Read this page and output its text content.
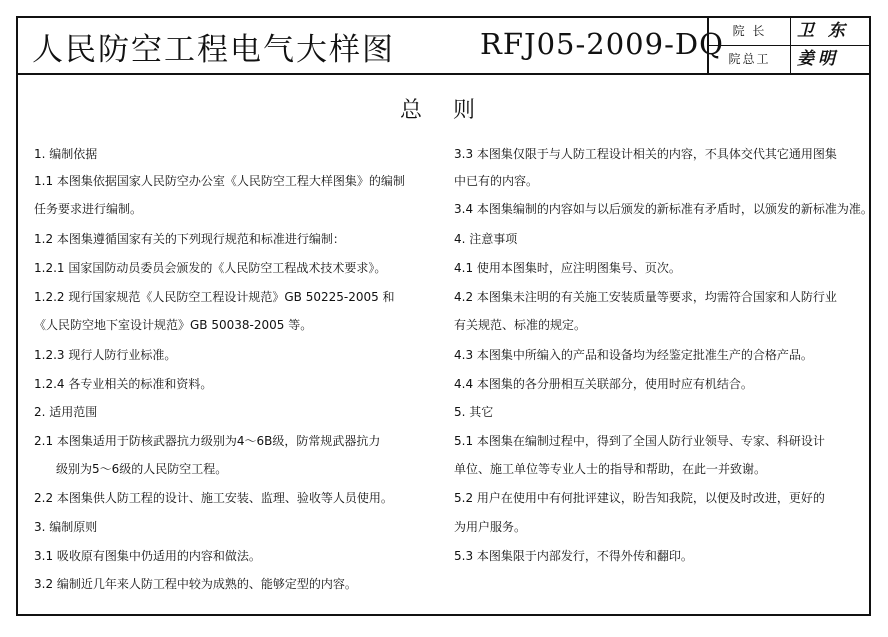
人民防空工程电气大样图	RFJ05-2009-DQ 院 长	卫 东
院总工	姜明
总 则
1. 编制依据
1.1 本图集依据国家人民防空办公室《人民防空工程大样图集》的编制
任务要求进行编制。
1.2 本图集遵循国家有关的下列现行规范和标准进行编制：
1.2.1 国家国防动员委员会颁发的《人民防空工程战术技术要求》。
1.2.2 现行国家规范《人民防空工程设计规范》GB 50225-2005 和
《人民防空地下室设计规范》GB 50038-2005 等。
1.2.3 现行人防行业标准。
1.2.4 各专业相关的标准和资料。
2. 适用范围
2.1 本图集适用于防核武器抗力级别为4～6B级，防常规武器抗力
级别为5～6级的人民防空工程。
2.2 本图集供人防工程的设计、施工安装、监理、验收等人员使用。
3. 编制原则
3.1 吸收原有图集中仍适用的内容和做法。
3.2 编制近几年来人防工程中较为成熟的、能够定型的内容。
3.3 本图集仅限于与人防工程设计相关的内容，不具体交代其它通用图集
中已有的内容。
3.4 本图集编制的内容如与以后颁发的新标准有矛盾时，以颁发的新标准为准。
4. 注意事项
4.1 使用本图集时，应注明图集号、页次。
4.2 本图集未注明的有关施工安装质量等要求，均需符合国家和人防行业
有关规范、标准的规定。
4.3 本图集中所编入的产品和设备均为经鉴定批准生产的合格产品。
4.4 本图集的各分册相互关联部分，使用时应有机结合。
5. 其它
5.1 本图集在编制过程中，得到了全国人防行业领导、专家、科研设计
单位、施工单位等专业人士的指导和帮助，在此一并致谢。
5.2 用户在使用中有何批评建议，盼告知我院，以便及时改进，更好的
为用户服务。
5.3 本图集限于内部发行，不得外传和翻印。
